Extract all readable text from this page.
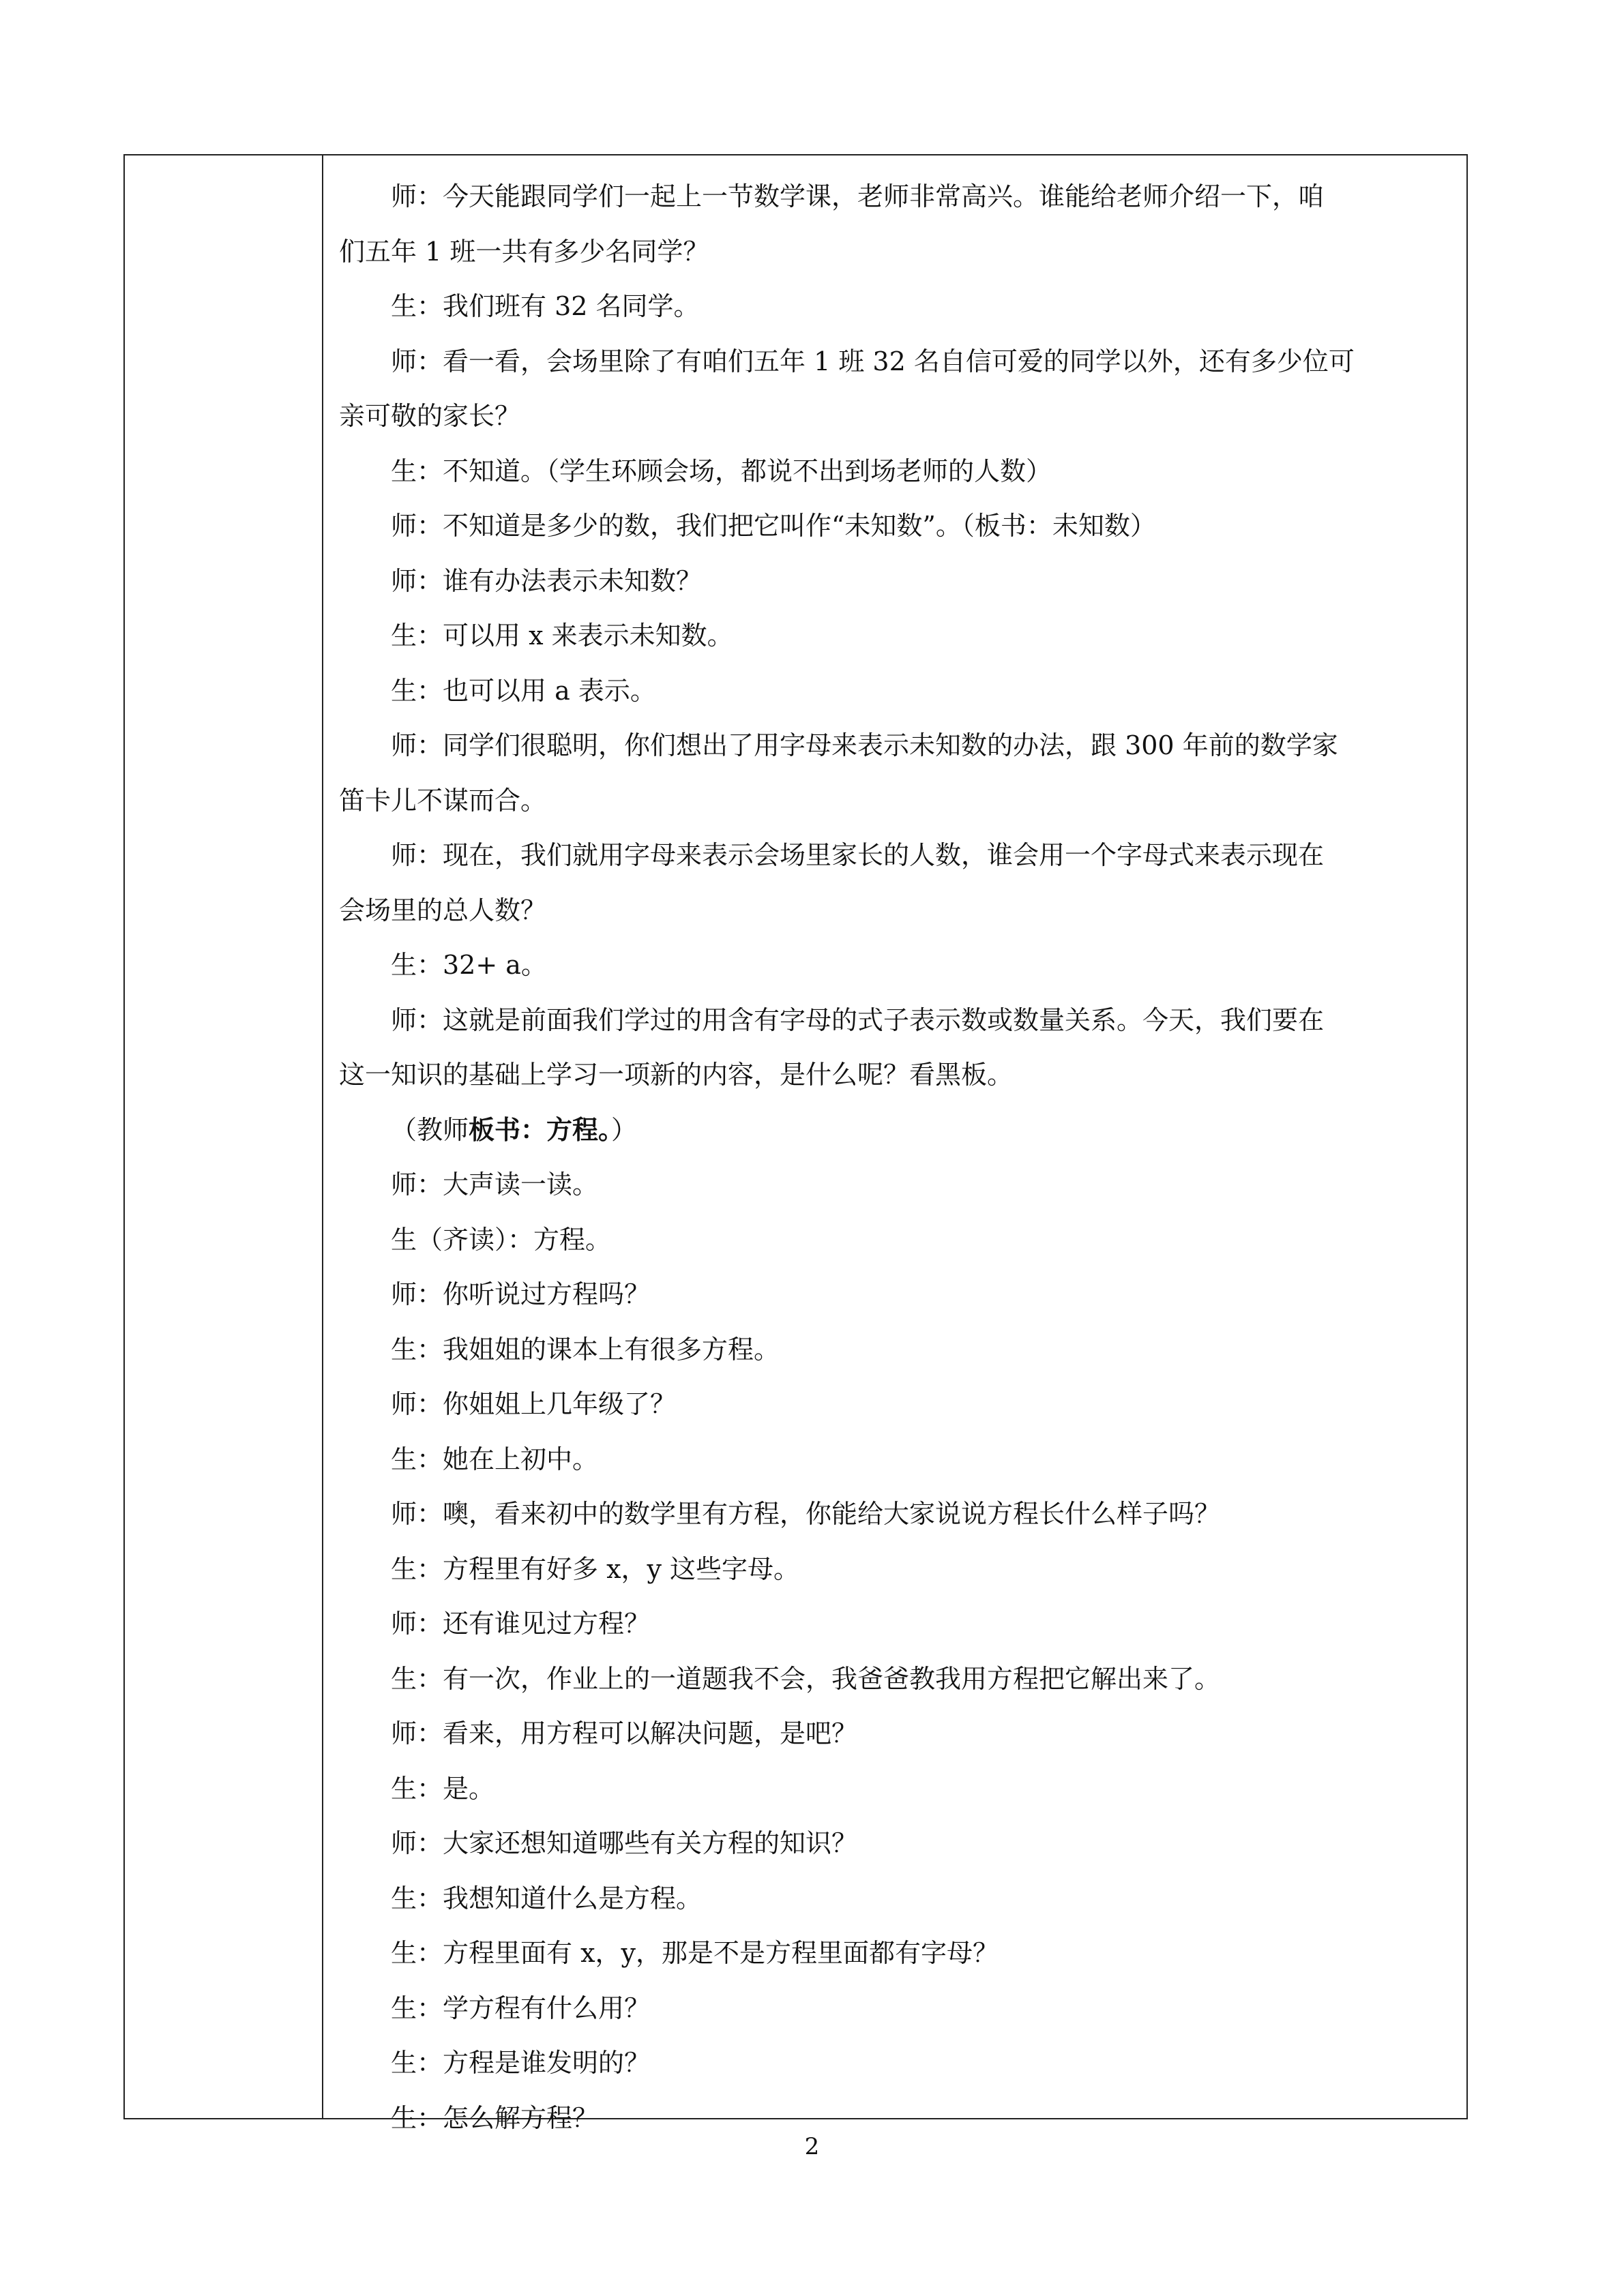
师：今天能跟同学们一起上一节数学课，老师非常高兴。谁能给老师介绍一下，咱
们五年 1 班一共有多少名同学？
生：我们班有 32 名同学。
师：看一看，会场里除了有咱们五年 1 班 32 名自信可爱的同学以外，还有多少位可
亲可敬的家长？
生：不知道。（学生环顾会场，都说不出到场老师的人数）
师：不知道是多少的数，我们把它叫作“未知数”。（板书：未知数）
师：谁有办法表示未知数？
生：可以用 x 来表示未知数。
生：也可以用 a 表示。
师：同学们很聪明，你们想出了用字母来表示未知数的办法，跟 300 年前的数学家
笛卡儿不谋而合。
师：现在，我们就用字母来表示会场里家长的人数，谁会用一个字母式来表示现在
会场里的总人数？
生：32+ a。
师：这就是前面我们学过的用含有字母的式子表示数或数量关系。今天，我们要在
这一知识的基础上学习一项新的内容，是什么呢？看黑板。
（教师板书：方程。）
师：大声读一读。
生（齐读）：方程。
师：你听说过方程吗？
生：我姐姐的课本上有很多方程。
师：你姐姐上几年级了？
生：她在上初中。
师：噢，看来初中的数学里有方程，你能给大家说说方程长什么样子吗？
生：方程里有好多 x，y 这些字母。
师：还有谁见过方程？
生：有一次，作业上的一道题我不会，我爸爸教我用方程把它解出来了。
师：看来，用方程可以解决问题，是吧？
生：是。
师：大家还想知道哪些有关方程的知识？
生：我想知道什么是方程。
生：方程里面有 x，y，那是不是方程里面都有字母？
生：学方程有什么用？
生：方程是谁发明的？
生：怎么解方程？
2
